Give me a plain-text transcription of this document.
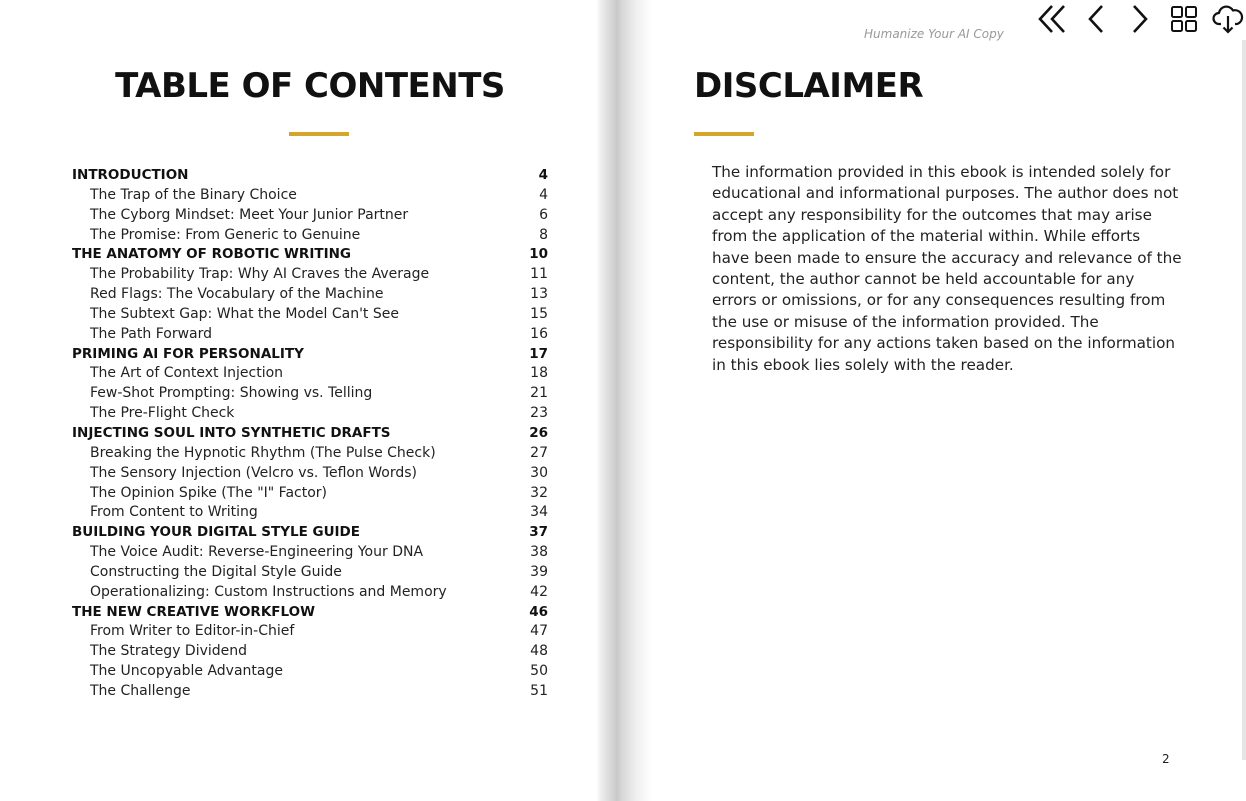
TABLE OF CONTENTS
INTRODUCTION	4
The Trap of the Binary Choice	4
The Cyborg Mindset: Meet Your Junior Partner	6
The Promise: From Generic to Genuine	8
THE ANATOMY OF ROBOTIC WRITING	10
The Probability Trap: Why AI Craves the Average	11
Red Flags: The Vocabulary of the Machine	13
The Subtext Gap: What the Model Can't See	15
The Path Forward	16
PRIMING AI FOR PERSONALITY	17
The Art of Context Injection	18
Few-Shot Prompting: Showing vs. Telling	21
The Pre-Flight Check	23
INJECTING SOUL INTO SYNTHETIC DRAFTS	26
Breaking the Hypnotic Rhythm (The Pulse Check)	27
The Sensory Injection (Velcro vs. Teflon Words)	30
The Opinion Spike (The "I" Factor)	32
From Content to Writing	34
BUILDING YOUR DIGITAL STYLE GUIDE	37
The Voice Audit: Reverse-Engineering Your DNA	38
Constructing the Digital Style Guide	39
Operationalizing: Custom Instructions and Memory	42
THE NEW CREATIVE WORKFLOW	46
From Writer to Editor-in-Chief	47
The Strategy Dividend	48
The Uncopyable Advantage	50
The Challenge	51
DISCLAIMER

The information provided in this ebook is intended solely for educational and informational purposes. The author does not accept any responsibility for the outcomes that may arise from the application of the material within. While efforts have been made to ensure the accuracy and relevance of the content, the author cannot be held accountable for any errors or omissions, or for any consequences resulting from the use or misuse of the information provided. The responsibility for any actions taken based on the information in this ebook lies solely with the reader.

2
Humanize Your AI Copy
